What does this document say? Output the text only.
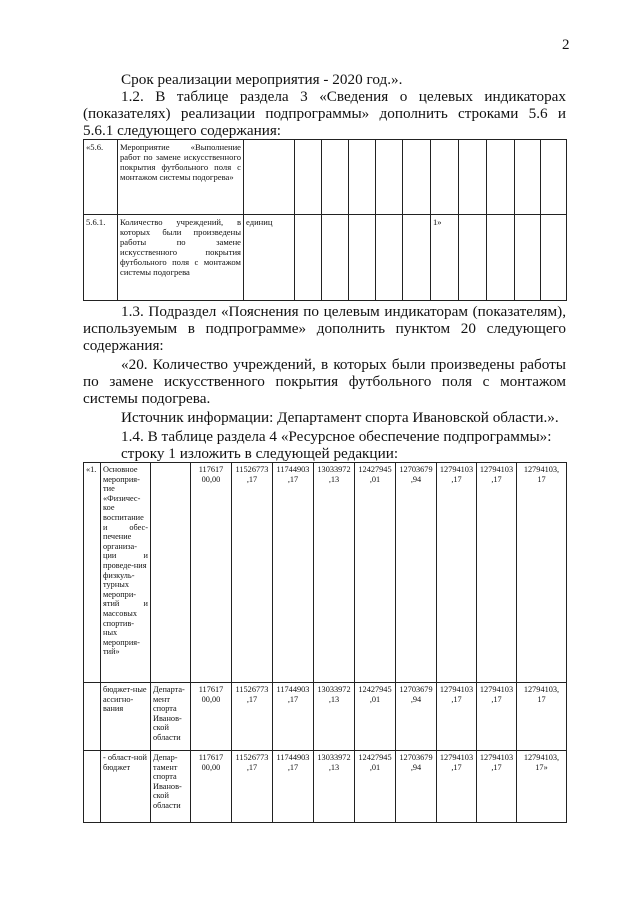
2
Срок реализации мероприятия - 2020 год.».
1.2. В таблице раздела 3 «Сведения о целевых индикаторах
(показателях) реализации подпрограммы» дополнить строками 5.6 и
5.6.1 следующего содержания:
«5.6.	Мероприятие «Выполнение работ по замене искусственного покрытия футбольного поля с монтажом системы подогрева»											
5.6.1.	Количество учреждений, в которых были произведены работы по замене искусственного покрытия футбольного поля с монтажом системы подогрева	единиц						1»				
1.3. Подраздел «Пояснения по целевым индикаторам (показателям),
используемым в подпрограмме» дополнить пунктом 20 следующего
содержания:
«20. Количество учреждений, в которых были произведены работы
по замене искусственного покрытия футбольного поля с монтажом
системы подогрева.
Источник информации: Департамент спорта Ивановской области.».
1.4. В таблице раздела 4 «Ресурсное обеспечение подпрограммы»:
строку 1 изложить в следующей редакции:
«1.	Основное мероприя-тие «Физичес-кое воспитание и обес-печение организа-ции и проведе-ния физкуль-турных меропри-ятий и массовых спортив-ных мероприя-тий»		117617 00,00	11526773 ,17	11744903 ,17	13033972 ,13	12427945 ,01	12703679 ,94	12794103 ,17	12794103 ,17	12794103, 17
	бюджет-ные ассигно-вания	Департа-мент спорта Иванов-ской области	117617 00,00	11526773 ,17	11744903 ,17	13033972 ,13	12427945 ,01	12703679 ,94	12794103 ,17	12794103 ,17	12794103, 17
	- област-ной бюджет	Депар-тамент спорта Иванов-ской области	117617 00,00	11526773 ,17	11744903 ,17	13033972 ,13	12427945 ,01	12703679 ,94	12794103 ,17	12794103 ,17	12794103, 17»
